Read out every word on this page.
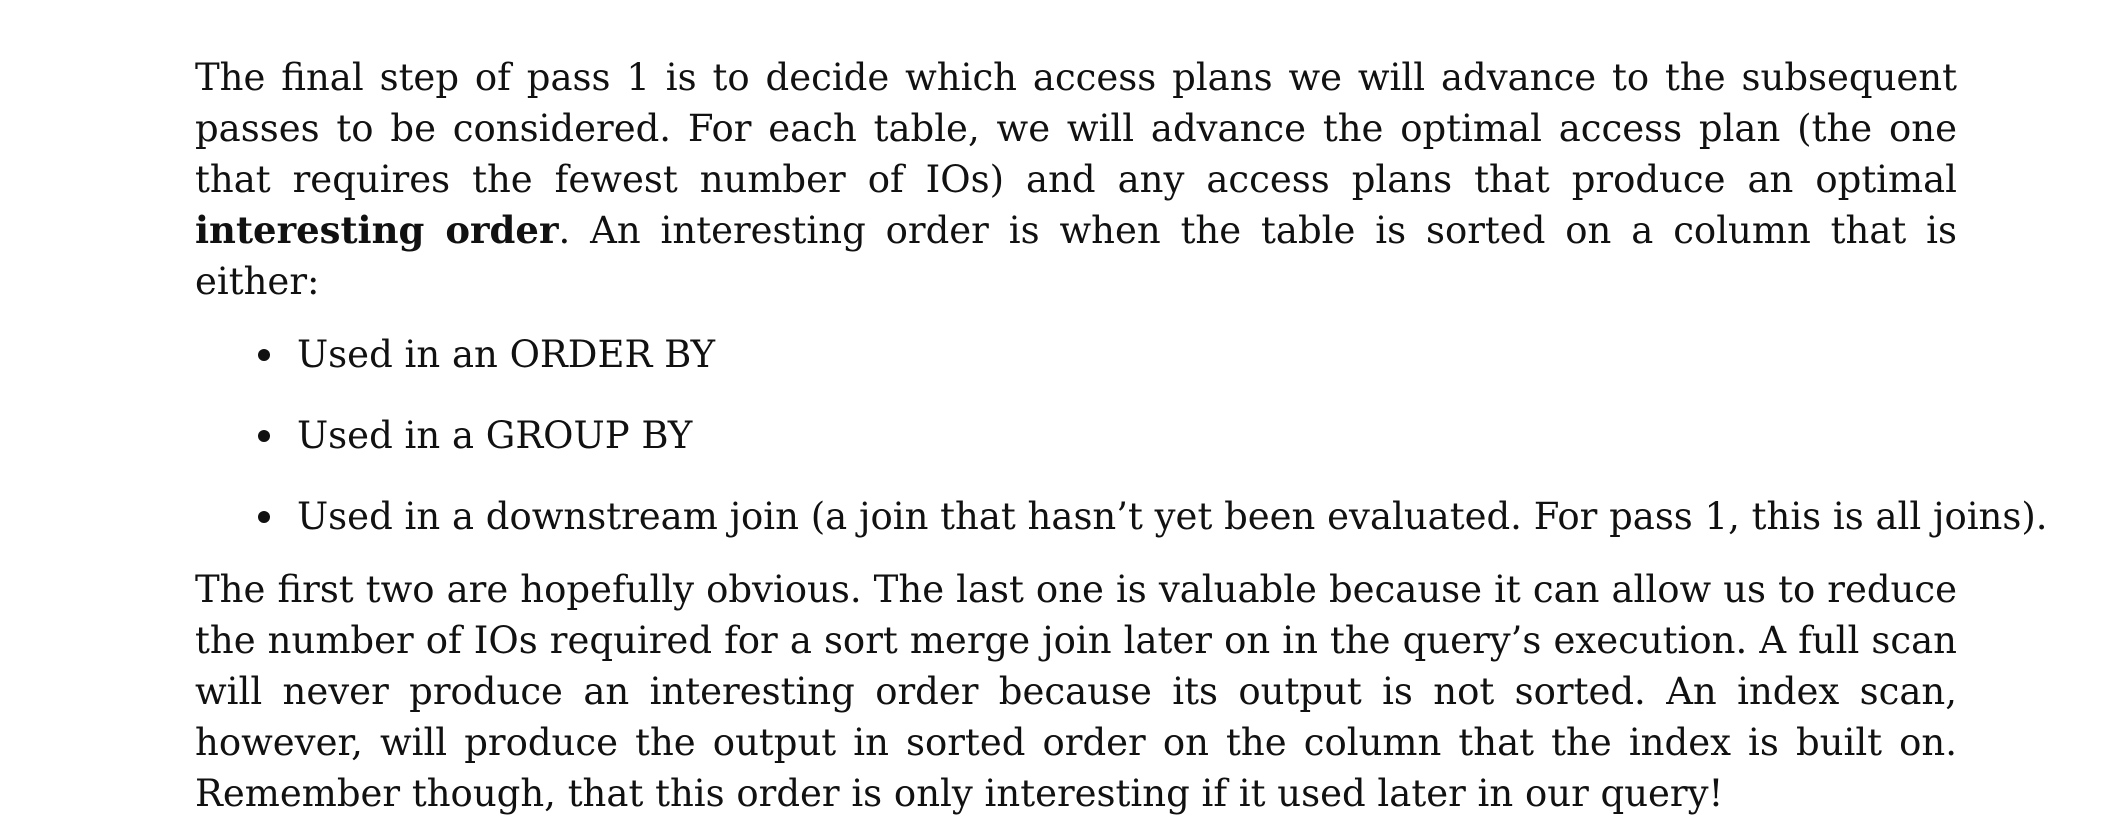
The final step of pass 1 is to decide which access plans we will advance to the subsequent passes to be considered. For each table, we will advance the optimal access plan (the one that requires the fewest number of IOs) and any access plans that produce an optimal interesting order. An interesting order is when the table is sorted on a column that is either:

Used in an ORDER BY
Used in a GROUP BY
Used in a downstream join (a join that hasn’t yet been evaluated. For pass 1, this is all joins).

The first two are hopefully obvious. The last one is valuable because it can allow us to reduce the number of IOs required for a sort merge join later on in the query’s execution. A full scan will never produce an interesting order because its output is not sorted. An index scan, however, will produce the output in sorted order on the column that the index is built on. Remember though, that this order is only interesting if it used later in our query!
